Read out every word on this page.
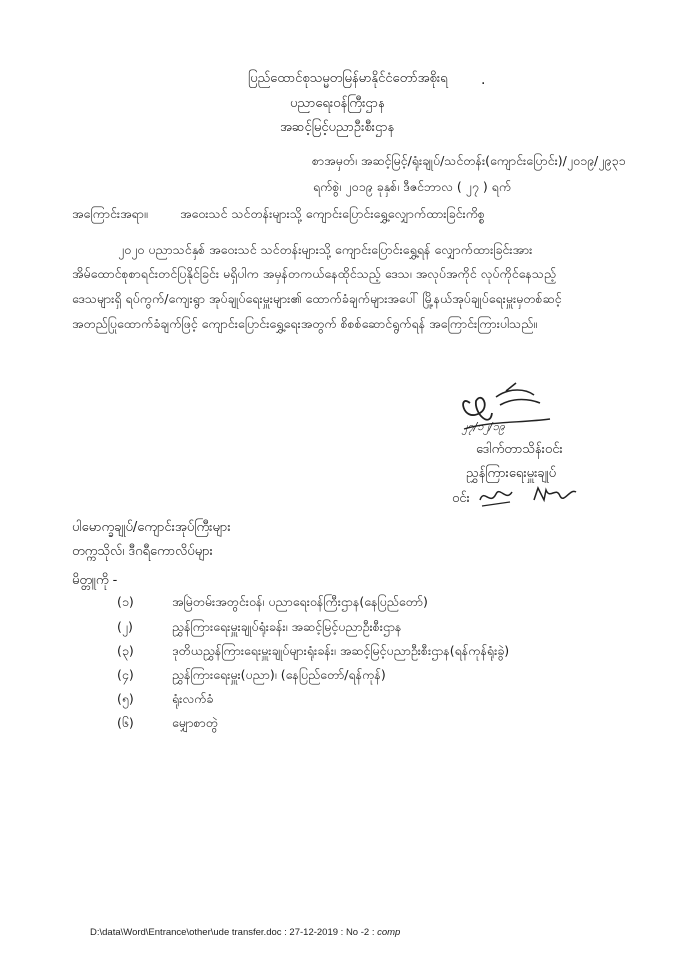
ပြည်ထောင်စုသမ္မတမြန်မာနိုင်ငံတော်အစိုးရ
ပညာရေးဝန်ကြီးဌာန
အဆင့်မြင့်ပညာဦးစီးဌာန
.
စာအမှတ်၊ အဆင့်မြင့်/ရုံးချုပ်/သင်တန်း(ကျောင်းပြောင်း)/၂၀၁၉/၂၉၃၁
ရက်စွဲ၊ ၂၀၁၉ ခုနှစ်၊ ဒီဇင်ဘာလ ( ၂၇ ) ရက်
အကြောင်းအရာ။	အဝေးသင် သင်တန်းများသို့ ကျောင်းပြောင်းရွှေ့လျှောက်ထားခြင်းကိစ္စ
၂၀၂၀ ပညာသင်နှစ် အဝေးသင် သင်တန်းများသို့ ကျောင်းပြောင်းရွှေ့ရန် လျှောက်ထားခြင်းအား
အိမ်ထောင်စုစာရင်းတင်ပြနိုင်ခြင်း မရှိပါက အမှန်တကယ်နေထိုင်သည့် ဒေသ၊ အလုပ်အကိုင် လုပ်ကိုင်နေသည့်
ဒေသများရှိ ရပ်ကွက်/ကျေးရွာ အုပ်ချုပ်ရေးမှူးများ၏ ထောက်ခံချက်များအပေါ် မြို့နယ်အုပ်ချုပ်ရေးမှူးမှတစ်ဆင့်
အတည်ပြုထောက်ခံချက်ဖြင့် ကျောင်းပြောင်းရွှေ့ရေးအတွက် စိစစ်ဆောင်ရွက်ရန် အကြောင်းကြားပါသည်။
၂၇/၁၂/၁၉
ဒေါက်တာသိန်းဝင်း
ညွှန်ကြားရေးမှူးချုပ်
ဝင်း
ပါမောက္ခချုပ်/ကျောင်းအုပ်ကြီးများ
တက္ကသိုလ်၊ ဒီဂရီကောလိပ်များ
မိတ္တူကို -
(၁)	အမြဲတမ်းအတွင်းဝန်၊ ပညာရေးဝန်ကြီးဌာန(နေပြည်တော်)
(၂)	ညွှန်ကြားရေးမှူးချုပ်ရုံးခန်း၊ အဆင့်မြင့်ပညာဦးစီးဌာန
(၃)	ဒုတိယညွှန်ကြားရေးမှူးချုပ်များရုံးခန်း၊ အဆင့်မြင့်ပညာဦးစီးဌာန(ရန်ကုန်ရုံးခွဲ)
(၄)	ညွှန်ကြားရေးမှူး(ပညာ)၊ (နေပြည်တော်/ရန်ကုန်)
(၅)	ရုံးလက်ခံ
(၆)	မျှောစာတွဲ
D:\data\Word\Entrance\other\ude transfer.doc : 27-12-2019 : No -2 : comp
